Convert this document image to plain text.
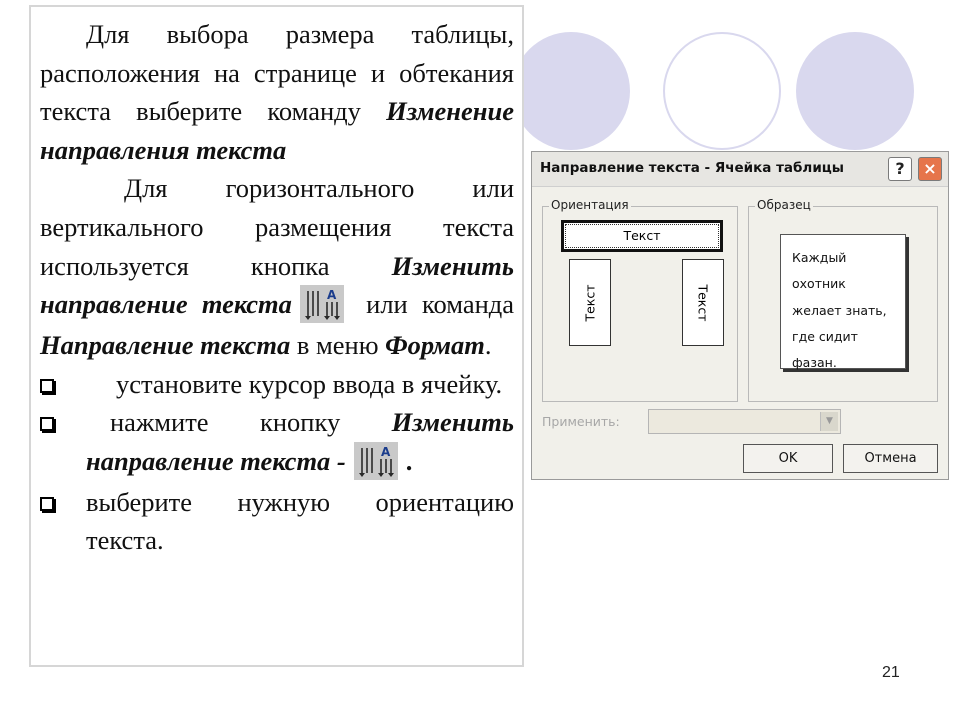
Для выбора размера таблицы, расположения на странице и обтекания текста выберите команду Изменение направления текста

Для горизонтального или вертикального размещения текста используется кнопка Изменить направление текста	A или команда Направление текста в меню Формат.

установите курсор ввода в ячейку.
нажмите кнопку Изменить направление текста -	A .
выберите нужную ориентацию текста.
Направление текста - Ячейка таблицы	?	×
Ориентация
Текст
Текст	Текст
Образец
Каждый
охотник
желает знать,
где сидит
фазан.
Применить:	▼
OK	Отмена
21
